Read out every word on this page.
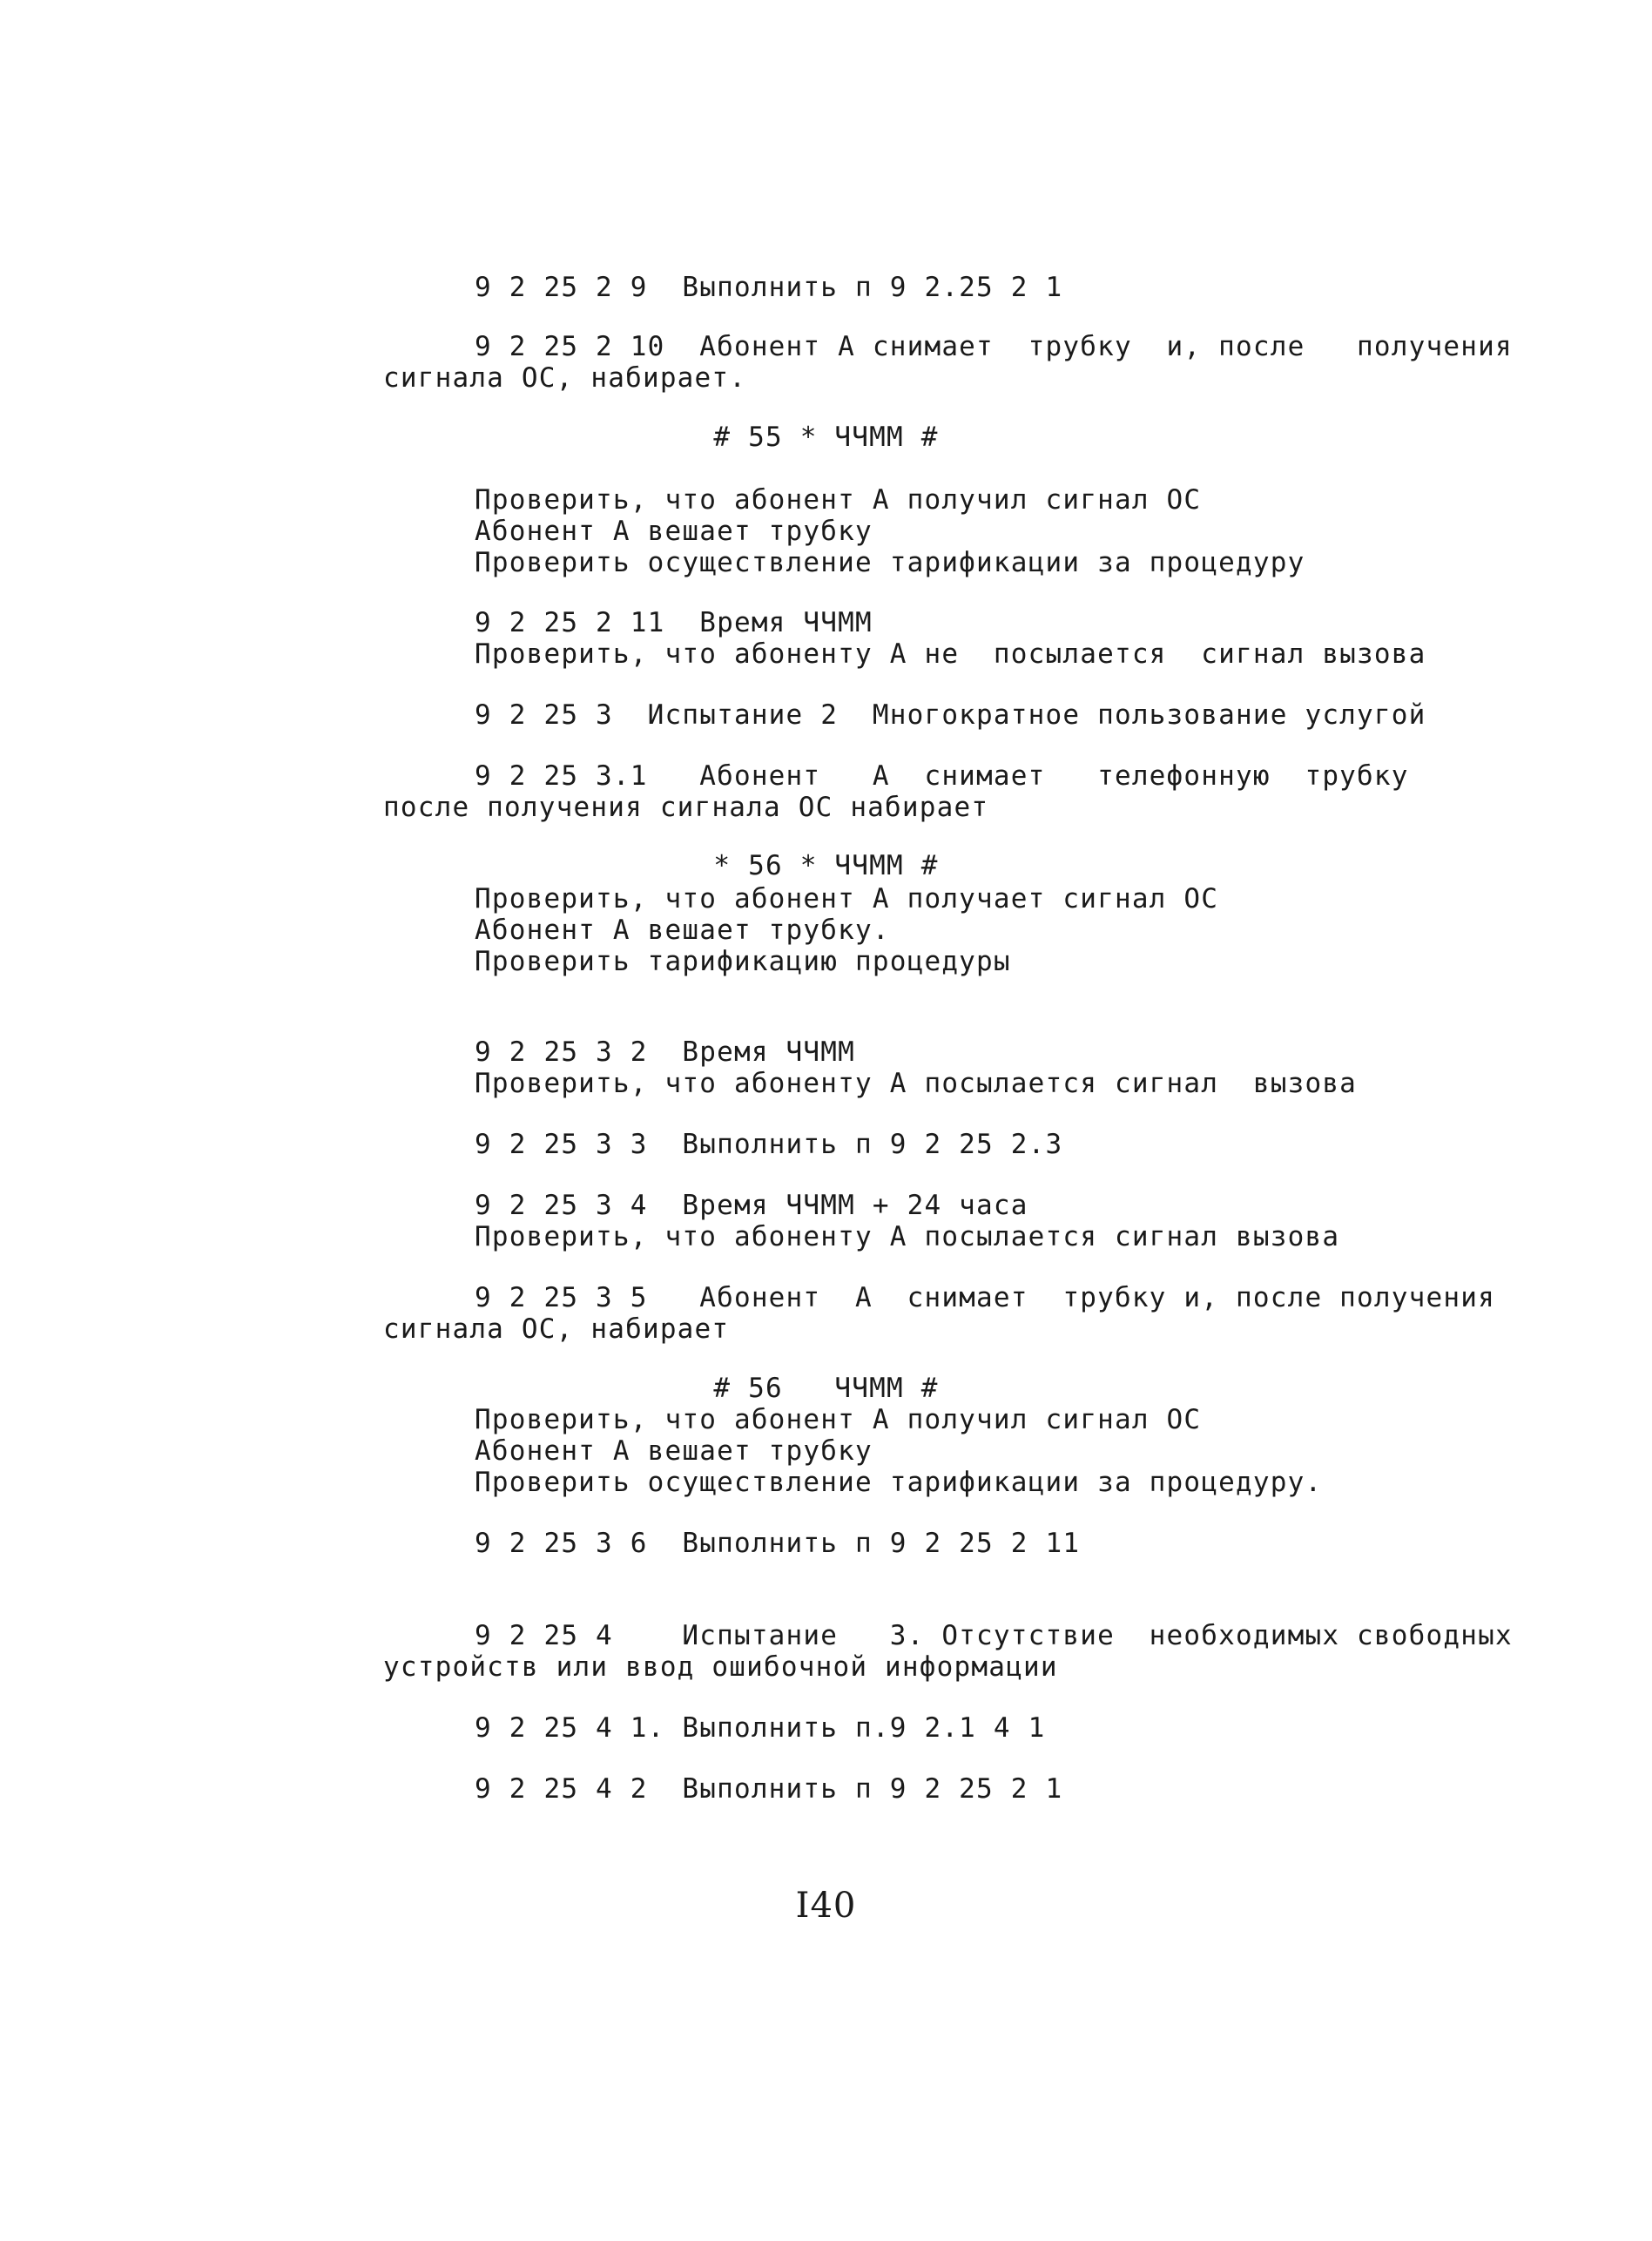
9 2 25 2 9  Выполнить п 9 2.25 2 1
9 2 25 2 10  Абонент А снимает  трубку  и, после   получения
сигнала ОС, набирает.
# 55 * ЧЧММ #
Проверить, что абонент А получил сигнал ОС
Абонент А вешает трубку
Проверить осуществление тарификации за процедуру
9 2 25 2 11  Время ЧЧММ
Проверить, что абоненту А не  посылается  сигнал вызова
9 2 25 3  Испытание 2  Многократное пользование услугой
9 2 25 3.1   Абонент   А  снимает   телефонную  трубку
после получения сигнала ОС набирает
* 56 * ЧЧММ #
Проверить, что абонент А получает сигнал ОС
Абонент А вешает трубку.
Проверить тарификацию процедуры
9 2 25 3 2  Время ЧЧММ
Проверить, что абоненту А посылается сигнал  вызова
9 2 25 3 3  Выполнить п 9 2 25 2.3
9 2 25 3 4  Время ЧЧММ + 24 часа
Проверить, что абоненту А посылается сигнал вызова
9 2 25 3 5   Абонент  А  снимает  трубку и, после получения
сигнала ОС, набирает
# 56   ЧЧММ #
Проверить, что абонент А получил сигнал ОС
Абонент А вешает трубку
Проверить осуществление тарификации за процедуру.
9 2 25 3 6  Выполнить п 9 2 25 2 11
9 2 25 4    Испытание   3. Отсутствие  необходимых свободных
устройств или ввод ошибочной информации
9 2 25 4 1. Выполнить п.9 2.1 4 1
9 2 25 4 2  Выполнить п 9 2 25 2 1
I40
